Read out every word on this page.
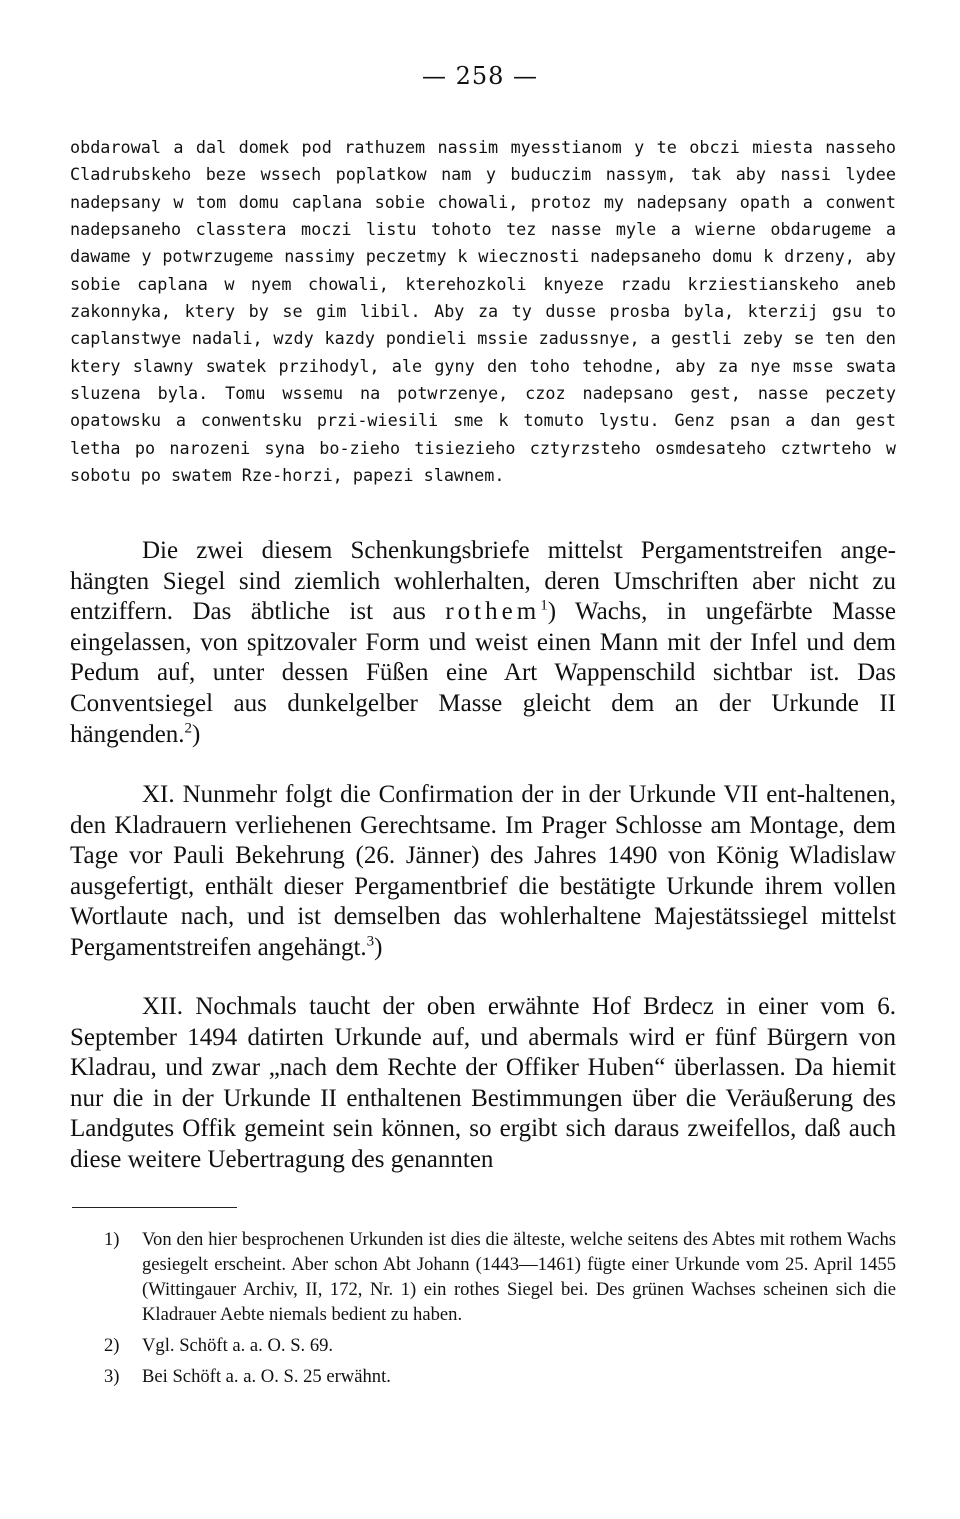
— 258 —
obdarowal a dal domek pod rathuzem nassim myesstianom y te obczi miesta nasseho Cladrubskeho beze wssech poplatkow nam y buduczim nassym, tak aby nassi lydee nadepsany w tom domu caplana sobie chowali, protoz my nadepsany opath a conwent nadepsaneho classtera moczi listu tohoto tez nasse myle a wierne obdarugeme a dawame y potwrzugeme nassimy peczetmy k wiecznosti nadepsaneho domu k drzeny, aby sobie caplana w nyem chowali, kterehozkoli knyeze rzadu krziestianskeho aneb zakonnyka, ktery by se gim libil. Aby za ty dusse prosba byla, kterzij gsu to caplanstwye nadali, wzdy kazdy pondieli mssie zadussnye, a gestli zeby se ten den ktery slawny swatek przihodyl, ale gyny den toho tehodne, aby za nye msse swata sluzena byla. Tomu wssemu na potwrzenye, czoz nadepsano gest, nasse peczety opatowsku a conwentsku przi-wiesili sme k tomuto lystu. Genz psan a dan gest letha po narozeni syna bo-zieho tisiezieho cztyrzsteho osmdesateho cztwrteho w sobotu po swatem Rze-horzi, papezi slawnem.
Die zwei diesem Schenkungsbriefe mittelst Pergamentstreifen ange-hängten Siegel sind ziemlich wohlerhalten, deren Umschriften aber nicht zu entziffern. Das äbtliche ist aus rothem$^1$) Wachs, in ungefärbte Masse eingelassen, von spitzovaler Form und weist einen Mann mit der Infel und dem Pedum auf, unter dessen Füßen eine Art Wappenschild sichtbar ist. Das Conventsiegel aus dunkelgelber Masse gleicht dem an der Urkunde II hängenden.$^2$)
XI. Nunmehr folgt die Confirmation der in der Urkunde VII ent-haltenen, den Kladrauern verliehenen Gerechtsame. Im Prager Schlosse am Montage, dem Tage vor Pauli Bekehrung (26. Jänner) des Jahres 1490 von König Wladislaw ausgefertigt, enthält dieser Pergamentbrief die bestätigte Urkunde ihrem vollen Wortlaute nach, und ist demselben das wohlerhaltene Majestätssiegel mittelst Pergamentstreifen angehängt.$^3$)
XII. Nochmals taucht der oben erwähnte Hof Brdecz in einer vom 6. September 1494 datirten Urkunde auf, und abermals wird er fünf Bürgern von Kladrau, und zwar „nach dem Rechte der Offiker Huben“ überlassen. Da hiemit nur die in der Urkunde II enthaltenen Bestimmungen über die Veräußerung des Landgutes Offik gemeint sein können, so ergibt sich daraus zweifellos, daß auch diese weitere Uebertragung des genannten
1)	Von den hier besprochenen Urkunden ist dies die älteste, welche seitens des Abtes mit rothem Wachs gesiegelt erscheint. Aber schon Abt Johann (1443—1461) fügte einer Urkunde vom 25. April 1455 (Wittingauer Archiv, II, 172, Nr. 1) ein rothes Siegel bei. Des grünen Wachses scheinen sich die Kladrauer Aebte niemals bedient zu haben.
2)	Vgl. Schöft a. a. O. S. 69.
3)	Bei Schöft a. a. O. S. 25 erwähnt.
